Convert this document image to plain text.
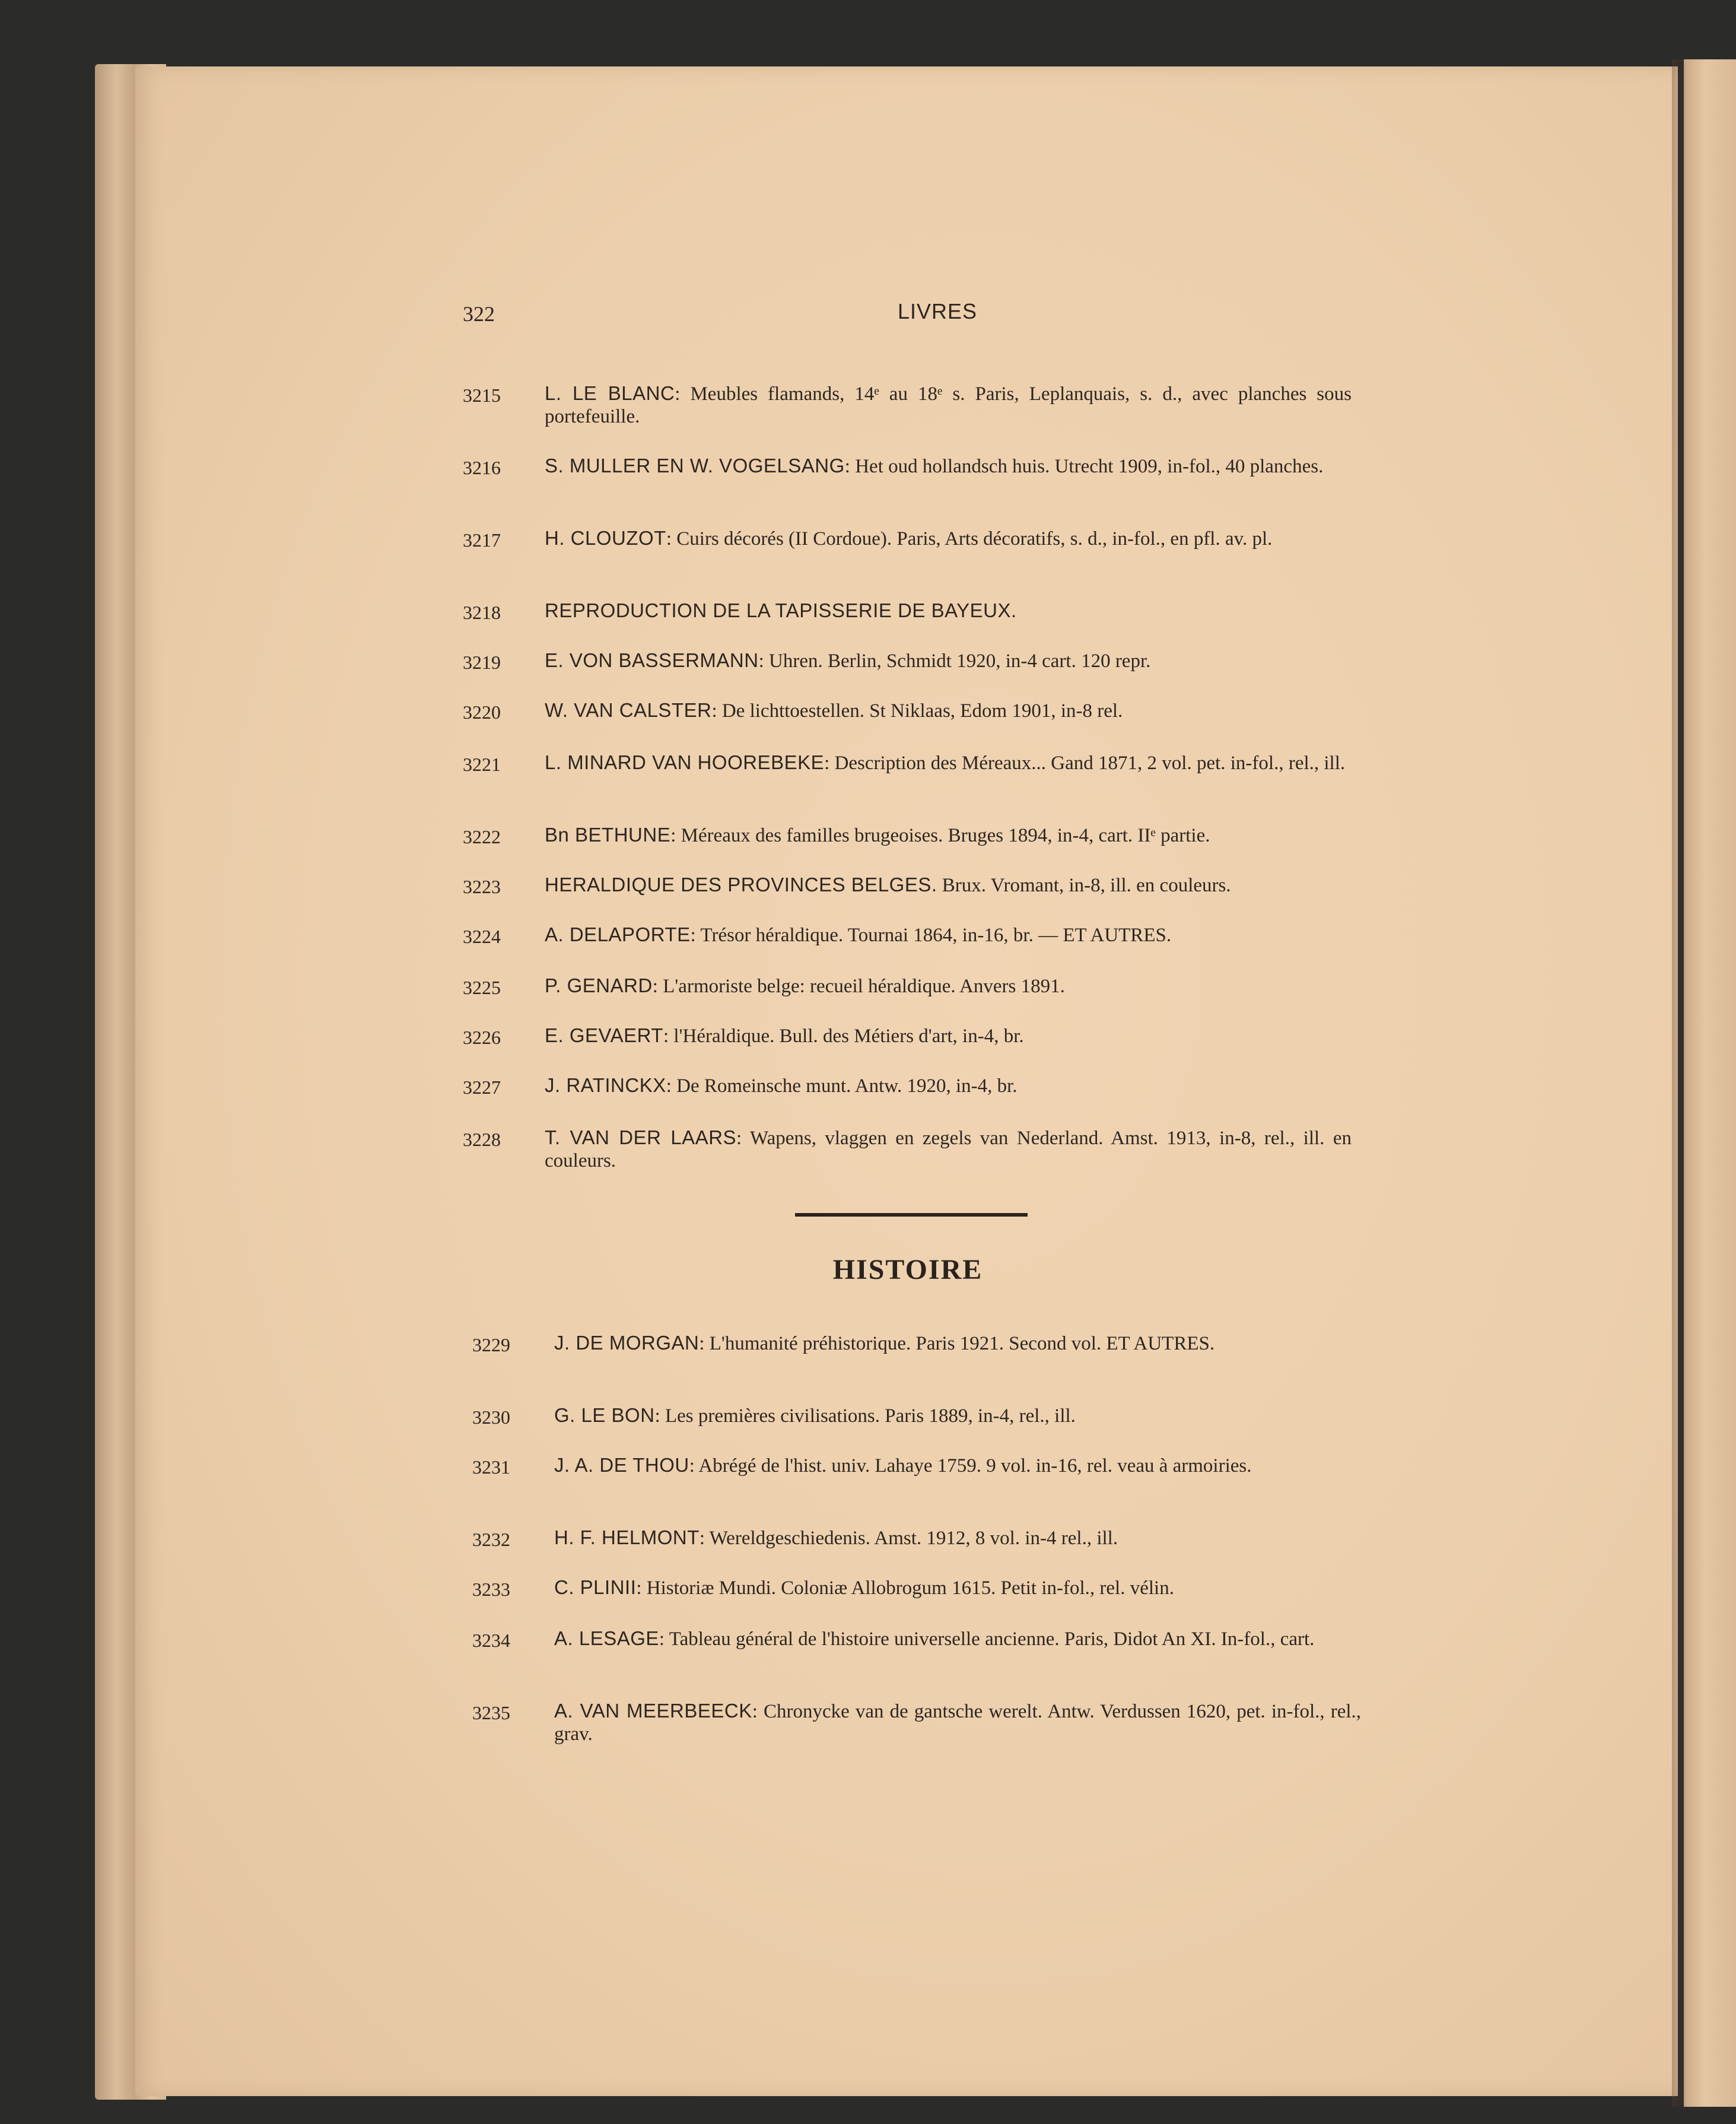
322	LIVRES
3215 L. LE BLANC: Meubles flamands, 14ᵉ au 18ᵉ s. Paris, Leplanquais, s. d., avec planches sous portefeuille.
3216 S. MULLER EN W. VOGELSANG: Het oud hollandsch huis. Utrecht 1909, in-fol., 40 planches.
3217 H. CLOUZOT: Cuirs décorés (II Cordoue). Paris, Arts décoratifs, s. d., in-fol., en pfl. av. pl.
3218 REPRODUCTION DE LA TAPISSERIE DE BAYEUX.
3219 E. VON BASSERMANN: Uhren. Berlin, Schmidt 1920, in-4 cart. 120 repr.
3220 W. VAN CALSTER: De lichttoestellen. St Niklaas, Edom 1901, in-8 rel.
3221 L. MINARD VAN HOOREBEKE: Description des Méreaux... Gand 1871, 2 vol. pet. in-fol., rel., ill.
3222 Bn BETHUNE: Méreaux des familles brugeoises. Bruges 1894, in-4, cart. IIᵉ partie.
3223 HERALDIQUE DES PROVINCES BELGES. Brux. Vromant, in-8, ill. en couleurs.
3224 A. DELAPORTE: Trésor héraldique. Tournai 1864, in-16, br. — ET AUTRES.
3225 P. GENARD: L'armoriste belge: recueil héraldique. Anvers 1891.
3226 E. GEVAERT: l'Héraldique. Bull. des Métiers d'art, in-4, br.
3227 J. RATINCKX: De Romeinsche munt. Antw. 1920, in-4, br.
3228 T. VAN DER LAARS: Wapens, vlaggen en zegels van Nederland. Amst. 1913, in-8, rel., ill. en couleurs.
HISTOIRE
3229 J. DE MORGAN: L'humanité préhistorique. Paris 1921. Second vol. ET AUTRES.
3230 G. LE BON: Les premières civilisations. Paris 1889, in-4, rel., ill.
3231 J. A. DE THOU: Abrégé de l'hist. univ. Lahaye 1759. 9 vol. in-16, rel. veau à armoiries.
3232 H. F. HELMONT: Wereldgeschiedenis. Amst. 1912, 8 vol. in-4 rel., ill.
3233 C. PLINII: Historiæ Mundi. Coloniæ Allobrogum 1615. Petit in-fol., rel. vélin.
3234 A. LESAGE: Tableau général de l'histoire universelle ancienne. Paris, Didot An XI. In-fol., cart.
3235 A. VAN MEERBEECK: Chronycke van de gantsche werelt. Antw. Verdussen 1620, pet. in-fol., rel., grav.
